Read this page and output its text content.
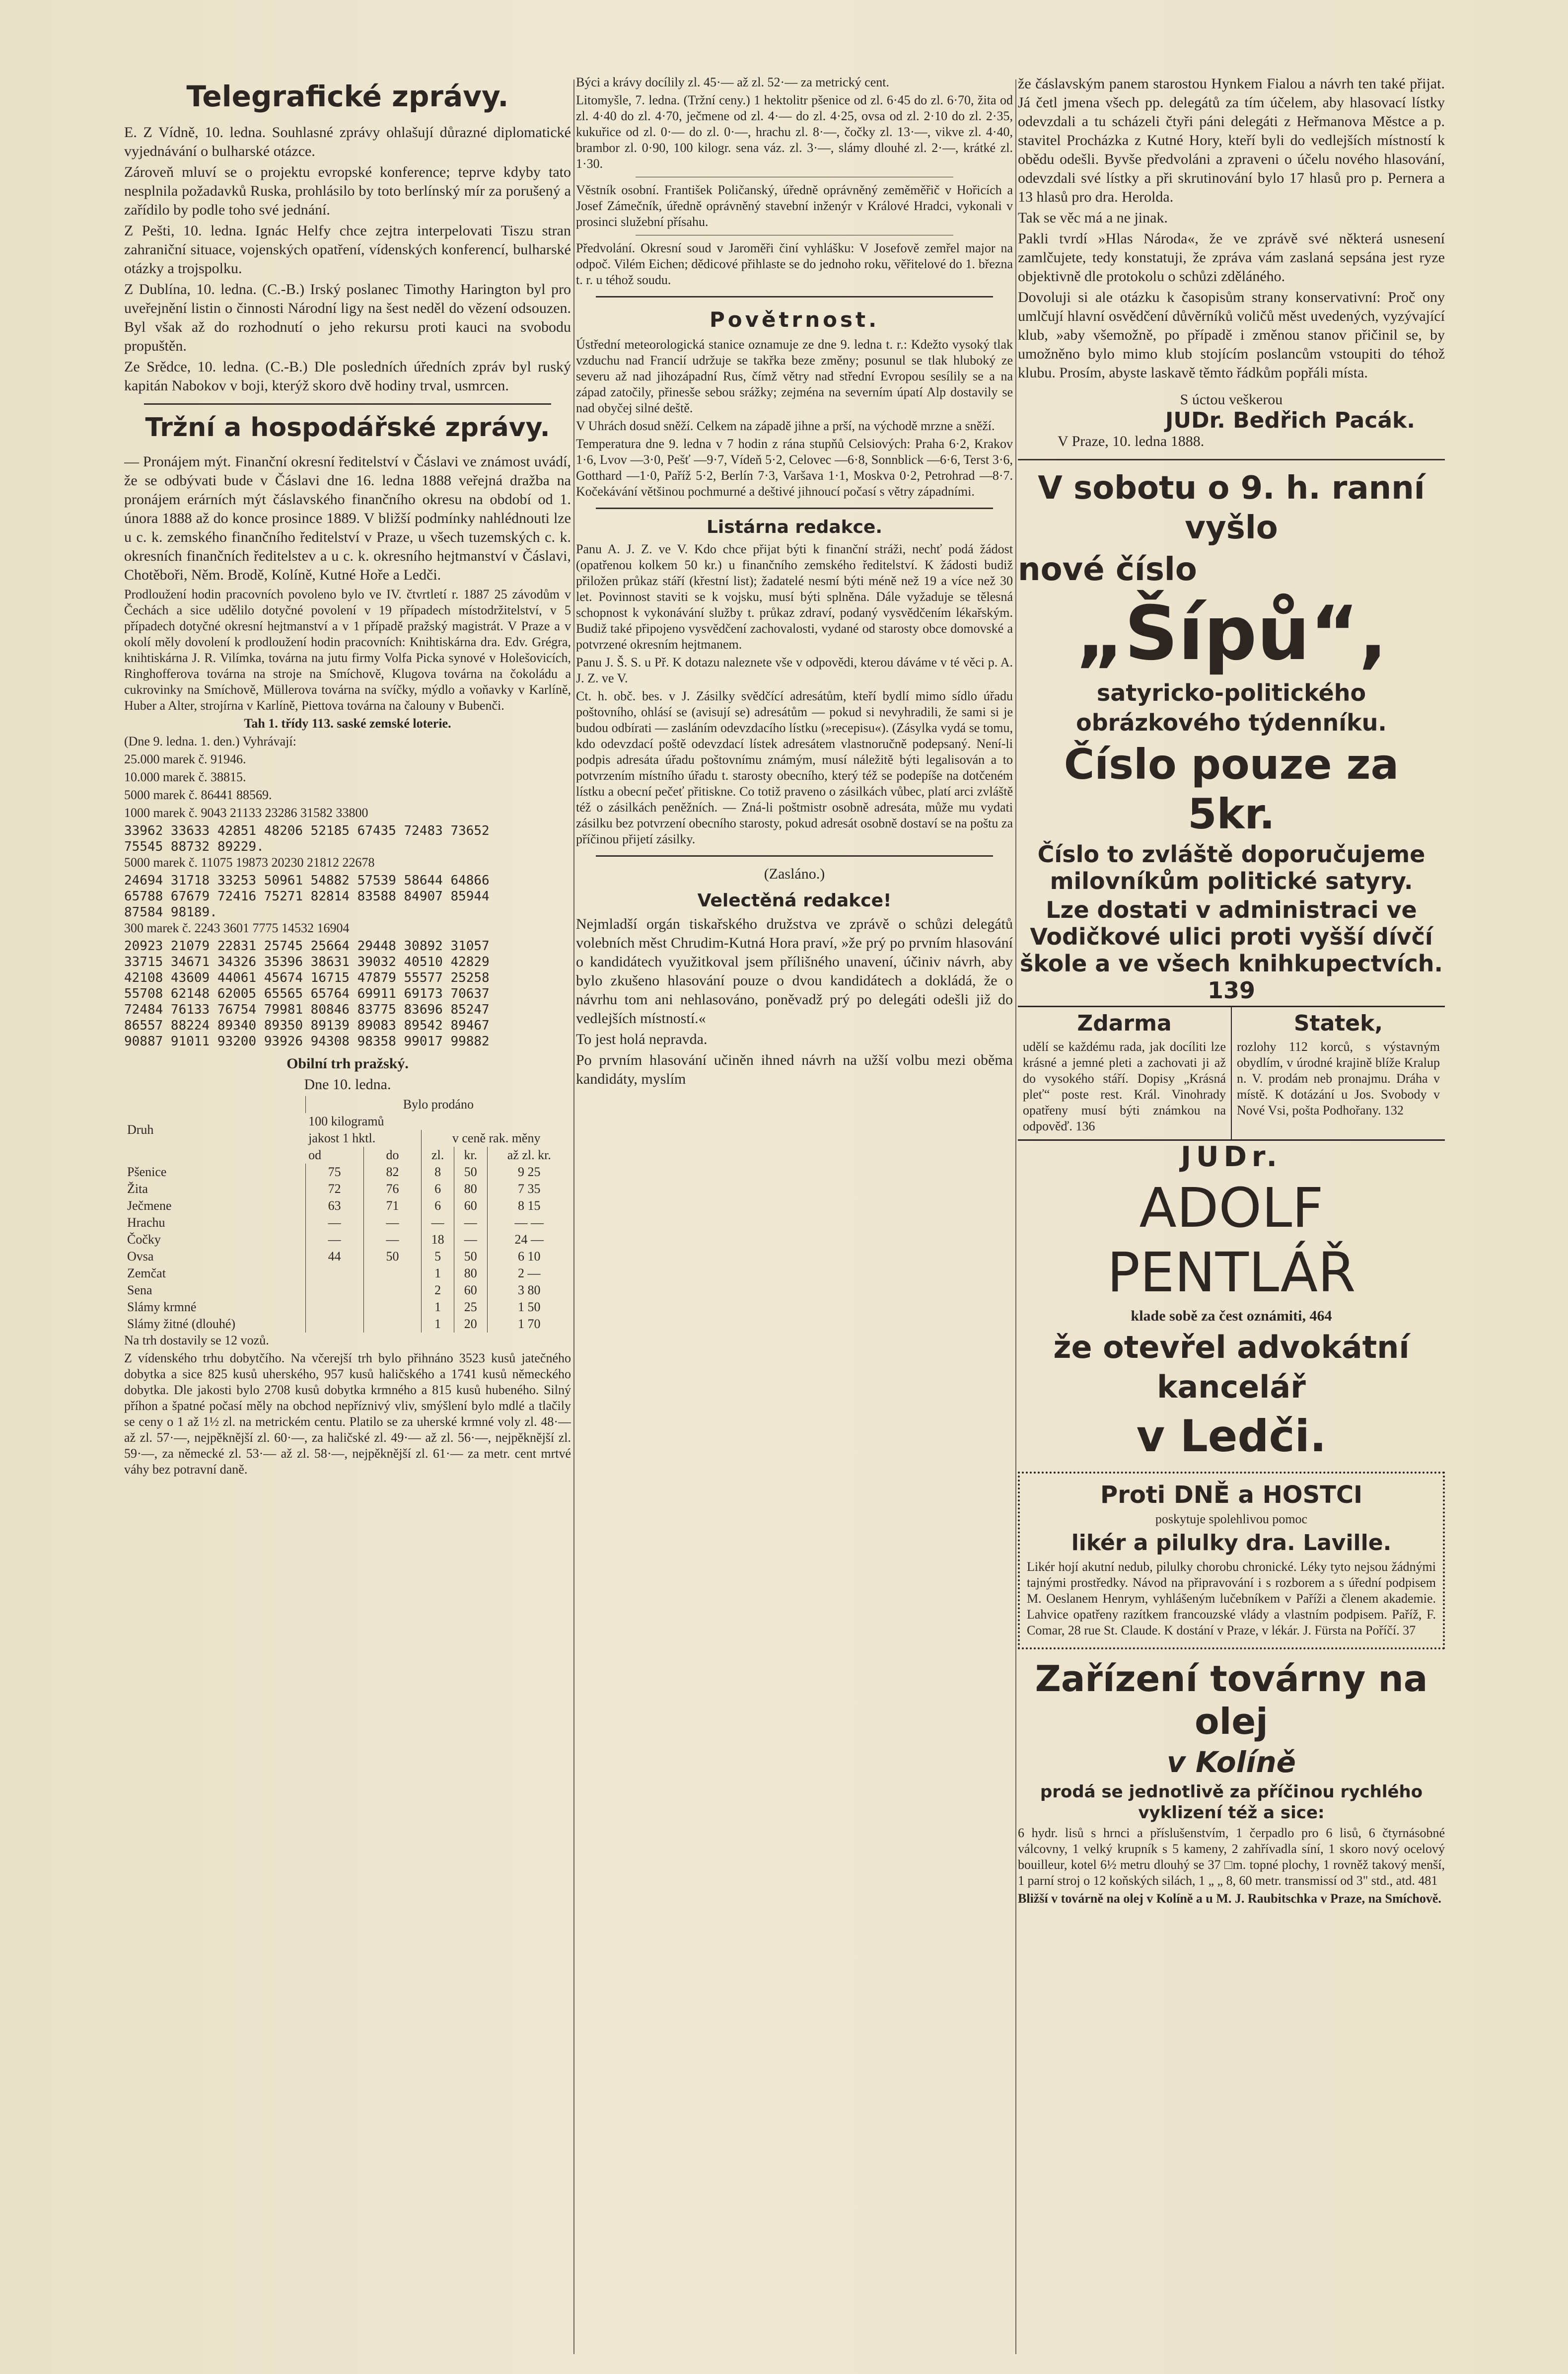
Telegrafické zprávy.

E. Z Vídně, 10. ledna. Souhlasné zprávy ohlašují důrazné diplomatické vyjednávání o bulharské otázce.

Zároveň mluví se o projektu evropské konference; teprve kdyby tato nesplnila požadavků Ruska, prohlásilo by toto berlínský mír za porušený a zařídilo by podle toho své jednání.

Z Pešti, 10. ledna. Ignác Helfy chce zejtra interpelovati Tiszu stran zahraniční situace, vojenských opatření, vídenských konferencí, bulharské otázky a trojspolku.

Z Dublína, 10. ledna. (C.-B.) Irský poslanec Timothy Harington byl pro uveřejnění listin o činnosti Národní ligy na šest neděl do vězení odsouzen. Byl však až do rozhodnutí o jeho rekursu proti kauci na svobodu propuštěn.

Ze Srědce, 10. ledna. (C.-B.) Dle posledních úředních zpráv byl ruský kapitán Nabokov v boji, kterýž skoro dvě hodiny trval, usmrcen.

Tržní a hospodářské zprávy.

— Pronájem mýt. Finanční okresní ředitelství v Čáslavi ve známost uvádí, že se odbývati bude v Čáslavi dne 16. ledna 1888 veřejná dražba na pronájem erárních mýt čáslavského finančního okresu na období od 1. února 1888 až do konce prosince 1889. V bližší podmínky nahlédnouti lze u c. k. zemského finančního ředitelství v Praze, u všech tuzemských c. k. okresních finančních ředitelstev a u c. k. okresního hejtmanství v Čáslavi, Chotěboři, Něm. Brodě, Kolíně, Kutné Hoře a Ledči.

Prodloužení hodin pracovních povoleno bylo ve IV. čtvrtletí r. 1887 25 závodům v Čechách a sice udělilo dotyčné povolení v 19 případech místodržitelství, v 5 případech dotyčné okresní hejtmanství a v 1 případě pražský magistrát. V Praze a v okolí měly dovolení k prodloužení hodin pracovních: Knihtiskárna dra. Edv. Grégra, knihtiskárna J. R. Vilímka, továrna na jutu firmy Volfa Picka synové v Holešovicích, Ringhofferova továrna na stroje na Smíchově, Klugova továrna na čokoládu a cukrovinky na Smíchově, Müllerova továrna na svíčky, mýdlo a voňavky v Karlíně, Huber a Alter, strojírna v Karlíně, Piettova továrna na čalouny v Bubenči.

Tah 1. třídy 113. saské zemské loterie.

(Dne 9. ledna. 1. den.) Vyhrávají:

25.000 marek č. 91946.

10.000 marek č. 38815.

5000 marek č. 86441 88569.

1000 marek č. 9043 21133 23286 31582 33800

33962 33633 42851 48206 52185 67435 72483 73652
75545 88732 89229.

5000 marek č. 11075 19873 20230 21812 22678

24694 31718 33253 50961 54882 57539 58644 64866
65788 67679 72416 75271 82814 83588 84907 85944
87584 98189.

300 marek č. 2243 3601 7775 14532 16904

20923 21079 22831 25745 25664 29448 30892 31057
33715 34671 34326 35396 38631 39032 40510 42829
42108 43609 44061 45674 16715 47879 55577 25258
55708 62148 62005 65565 65764 69911 69173 70637
72484 76133 76754 79981 80846 83775 83696 85247
86557 88224 89340 89350 89139 89083 89542 89467
90887 91011 93200 93926 94308 98358 99017 99882

Obilní trh pražský.

Dne 10. ledna.

Druh	Bylo prodáno				
	100 kilogramů				
	jakost 1 hktl.		v ceně rak. měny		
	od	do	zl.	kr.	až zl. kr.
Pšenice	75	82	8	50	9 25
Žita	72	76	6	80	7 35
Ječmene	63	71	6	60	8 15
Hrachu	—	—	—	—	— —
Čočky	—	—	18	—	24 —
Ovsa	44	50	5	50	6 10
Zemčat			1	80	2 —
Sena			2	60	3 80
Slámy krmné			1	25	1 50
Slámy žitné (dlouhé)			1	20	1 70

Na trh dostavily se 12 vozů.

Z vídenského trhu dobytčího. Na včerejší trh bylo přihnáno 3523 kusů jatečného dobytka a sice 825 kusů uherského, 957 kusů haličského a 1741 kusů německého dobytka. Dle jakosti bylo 2708 kusů dobytka krmného a 815 kusů hubeného. Silný příhon a špatné počasí měly na obchod nepříznivý vliv, smýšlení bylo mdlé a tlačily se ceny o 1 až 1½ zl. na metrickém centu. Platilo se za uherské krmné voly zl. 48·— až zl. 57·—, nejpěknější zl. 60·—, za haličské zl. 49·— až zl. 56·—, nejpěknější zl. 59·—, za německé zl. 53·— až zl. 58·—, nejpěknější zl. 61·— za metr. cent mrtvé váhy bez potravní daně.

Býci a krávy docílily zl. 45·— až zl. 52·— za metrický cent.

Litomyšle, 7. ledna. (Tržní ceny.) 1 hektolitr pšenice od zl. 6·45 do zl. 6·70, žita od zl. 4·40 do zl. 4·70, ječmene od zl. 4·— do zl. 4·25, ovsa od zl. 2·10 do zl. 2·35, kukuřice od zl. 0·— do zl. 0·—, hrachu zl. 8·—, čočky zl. 13·—, vikve zl. 4·40, brambor zl. 0·90, 100 kilogr. sena váz. zl. 3·—, slámy dlouhé zl. 2·—, krátké zl. 1·30.

Věstník osobní. František Poličanský, úředně oprávněný zeměměřič v Hořicích a Josef Zámečník, úředně oprávněný stavební inženýr v Králové Hradci, vykonali v prosinci služební přísahu.

Předvolání. Okresní soud v Jaroměři činí vyhlášku: V Josefově zemřel major na odpoč. Vilém Eichen; dědicové přihlaste se do jednoho roku, věřitelové do 1. března t. r. u téhož soudu.

Povětrnost.

Ústřední meteorologická stanice oznamuje ze dne 9. ledna t. r.: Kdežto vysoký tlak vzduchu nad Francií udržuje se takřka beze změny; posunul se tlak hluboký ze severu až nad jihozápadní Rus, čímž větry nad střední Evropou sesílily se a na západ zatočily, přinesše sebou srážky; zejména na severním úpatí Alp dostavily se nad obyčej silné deště.

V Uhrách dosud sněží. Celkem na západě jihne a prší, na východě mrzne a sněží.

Temperatura dne 9. ledna v 7 hodin z rána stupňů Celsiových: Praha 6·2, Krakov 1·6, Lvov —3·0, Pešť —9·7, Vídeň 5·2, Celovec —6·8, Sonnblick —6·6, Terst 3·6, Gotthard —1·0, Paříž 5·2, Berlín 7·3, Varšava 1·1, Moskva 0·2, Petrohrad —8·7. Kočekávání většinou pochmurné a deštivé jihnoucí počasí s větry západními.

Listárna redakce.

Panu A. J. Z. ve V. Kdo chce přijat býti k finanční stráži, nechť podá žádost (opatřenou kolkem 50 kr.) u finančního zemského ředitelství. K žádosti budiž přiložen průkaz stáří (křestní list); žadatelé nesmí býti méně než 19 a více než 30 let. Povinnost staviti se k vojsku, musí býti splněna. Dále vyžaduje se tělesná schopnost k vykonávání služby t. průkaz zdraví, podaný vysvědčením lékařským. Budiž také připojeno vysvědčení zachovalosti, vydané od starosty obce domovské a potvrzené okresním hejtmanem.

Panu J. Š. S. u Př. K dotazu naleznete vše v odpovědi, kterou dáváme v té věci p. A. J. Z. ve V.

Ct. h. obč. bes. v J. Zásilky svědčící adresátům, kteří bydlí mimo sídlo úřadu poštovního, ohlásí se (avisují se) adresátům — pokud si nevyhradili, že sami si je budou odbírati — zasláním odevzdacího lístku (»recepisu«). (Zásylka vydá se tomu, kdo odevzdací poště odevzdací lístek adresátem vlastnoručně podepsaný. Není-li podpis adresáta úřadu poštovnímu známým, musí náležitě býti legalisován a to potvrzením místního úřadu t. starosty obecního, který též se podepíše na dotčeném lístku a obecní pečeť přitiskne. Co totiž praveno o zásilkách vůbec, platí arci zvláště též o zásilkách peněžních. — Zná-li poštmistr osobně adresáta, může mu vydati zásilku bez potvrzení obecního starosty, pokud adresát osobně dostaví se na poštu za příčinou přijetí zásilky.

(Zasláno.)

Velectěná redakce!

Nejmladší orgán tiskařského družstva ve zprávě o schůzi delegátů volebních měst Chrudim-Kutná Hora praví, »že prý po prvním hlasování o kandidátech využitkoval jsem přílišného unavení, účiniv návrh, aby bylo zkušeno hlasování pouze o dvou kandidátech a dokládá, že o návrhu tom ani nehlasováno, poněvadž prý po delegáti odešli již do vedlejších místností.«

To jest holá nepravda.

Po prvním hlasování učiněn ihned návrh na užší volbu mezi oběma kandidáty, myslím

že čáslavským panem starostou Hynkem Fialou a návrh ten také přijat. Já četl jmena všech pp. delegátů za tím účelem, aby hlasovací lístky odevzdali a tu scházeli čtyři páni delegáti z Heřmanova Městce a p. stavitel Procházka z Kutné Hory, kteří byli do vedlejších místností k obědu odešli. Byvše předvoláni a zpraveni o účelu nového hlasování, odevzdali své lístky a při skrutinování bylo 17 hlasů pro p. Pernera a 13 hlasů pro dra. Herolda.

Tak se věc má a ne jinak.

Pakli tvrdí »Hlas Národa«, že ve zprávě své některá usnesení zamlčujete, tedy konstatuji, že zpráva vám zaslaná sepsána jest ryze objektivně dle protokolu o schůzi zděláného.

Dovoluji si ale otázku k časopisům strany konservativní: Proč ony umlčují hlavní osvědčení důvěrníků voličů měst uvedených, vyzývající klub, »aby všemožně, po případě i změnou stanov přičinil se, by umožněno bylo mimo klub stojícím poslancům vstoupiti do téhož klubu. Prosím, abyste laskavě těmto řádkům popřáli místa.

S úctou veškerou

JUDr. Bedřich Pacák.

V Praze, 10. ledna 1888.

V sobotu o 9. h. ranní vyšlo

nové číslo

„Šípů“,

satyricko-politického obrázkového týdenníku.

Číslo pouze za 5kr.

Číslo to zvláště doporučujeme milovníkům politické satyry.

Lze dostati v administraci ve Vodičkové ulici proti vyšší dívčí škole a ve všech knihkupectvích. 139

Zdarma

udělí se každému rada, jak docíliti lze krásné a jemné pleti a zachovati ji až do vysokého stáří. Dopisy „Krásná pleť“ poste rest. Král. Vinohrady opatřeny musí býti známkou na odpověď. 136

Statek,

rozlohy 112 korců, s výstavným obydlím, v úrodné krajině blíže Kralup n. V. prodám neb pronajmu. Dráha v místě. K dotázání u Jos. Svobody v Nové Vsi, pošta Podhořany. 132

JUDr.

ADOLF PENTLÁŘ

klade sobě za čest oznámiti, 464

že otevřel advokátní kancelář

v Ledči.

Proti DNĚ a HOSTCI

poskytuje spolehlivou pomoc

likér a pilulky dra. Laville.

Likér hojí akutní nedub, pilulky chorobu chronické. Léky tyto nejsou žádnými tajnými prostředky. Návod na připravování i s rozborem a s úřední podpisem M. Oeslanem Henrym, vyhlášeným lučebníkem v Paříži a členem akademie. Lahvice opatřeny razítkem francouzské vlády a vlastním podpisem. Paříž, F. Comar, 28 rue St. Claude. K dostání v Praze, v lékár. J. Fürsta na Poříčí. 37

Zařízení továrny na olej

v Kolíně

prodá se jednotlivě za příčinou rychlého vyklizení též a sice:

6 hydr. lisů s hrnci a příslušenstvím, 1 čerpadlo pro 6 lisů, 6 čtyrnásobné válcovny, 1 velký krupník s 5 kameny, 2 zahřívadla síní, 1 skoro nový ocelový bouilleur, kotel 6½ metru dlouhý se 37 □m. topné plochy, 1 rovněž takový menší, 1 parní stroj o 12 koňských silách, 1 „ „ 8, 60 metr. transmissí od 3" std., atd. 481

Bližší v továrně na olej v Kolíně a u M. J. Raubitschka v Praze, na Smíchově.
